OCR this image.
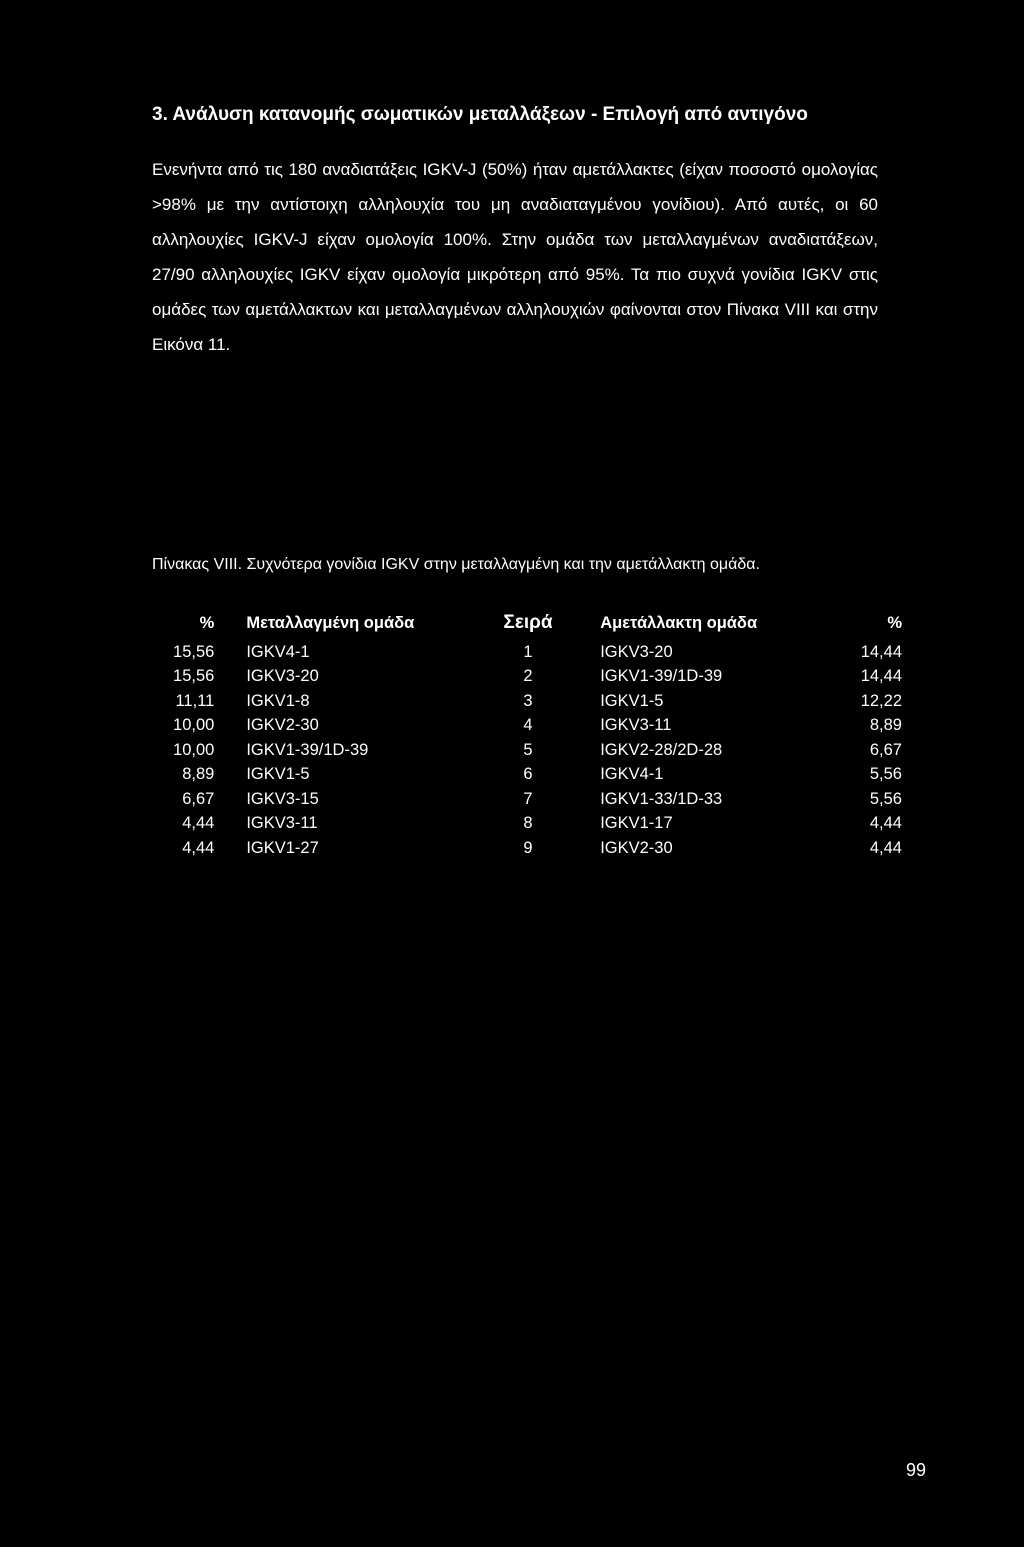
3. Ανάλυση κατανομής σωματικών μεταλλάξεων - Επιλογή από αντιγόνο

Ενενήντα από τις 180 αναδιατάξεις IGKV-J (50%) ήταν αμετάλλακτες (είχαν ποσοστό ομολογίας >98% με την αντίστοιχη αλληλουχία του μη αναδιαταγμένου γονίδιου). Από αυτές, οι 60 αλληλουχίες IGKV-J είχαν ομολογία 100%. Στην ομάδα των μεταλλαγμένων αναδιατάξεων, 27/90 αλληλουχίες IGKV είχαν ομολογία μικρότερη από 95%. Τα πιο συχνά γονίδια IGKV στις ομάδες των αμετάλλακτων και μεταλλαγμένων αλληλουχιών φαίνονται στον Πίνακα VIII και στην Εικόνα 11.

Πίνακας VIII. Συχνότερα γονίδια IGKV στην μεταλλαγμένη και την αμετάλλακτη ομάδα.
%	Μεταλλαγμένη ομάδα	Σειρά	Αμετάλλακτη ομάδα	%
15,56	IGKV4-1	1	IGKV3-20	14,44
15,56	IGKV3-20	2	IGKV1-39/1D-39	14,44
11,11	IGKV1-8	3	IGKV1-5	12,22
10,00	IGKV2-30	4	IGKV3-11	8,89
10,00	IGKV1-39/1D-39	5	IGKV2-28/2D-28	6,67
8,89	IGKV1-5	6	IGKV4-1	5,56
6,67	IGKV3-15	7	IGKV1-33/1D-33	5,56
4,44	IGKV3-11	8	IGKV1-17	4,44
4,44	IGKV1-27	9	IGKV2-30	4,44
99
